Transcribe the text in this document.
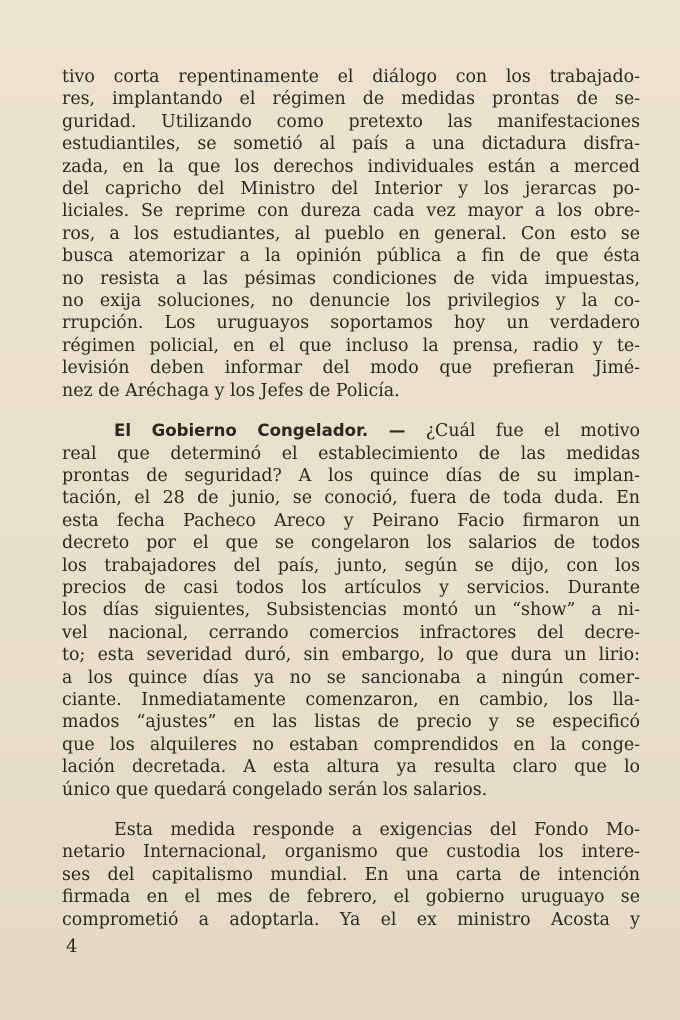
tivo corta repentinamente el diálogo con los trabajado-
res, implantando el régimen de medidas prontas de se-
guridad. Utilizando como pretexto las manifestaciones
estudiantiles, se sometió al país a una dictadura disfra-
zada, en la que los derechos individuales están a merced
del capricho del Ministro del Interior y los jerarcas po-
liciales. Se reprime con dureza cada vez mayor a los obre-
ros, a los estudiantes, al pueblo en general. Con esto se
busca atemorizar a la opinión pública a fin de que ésta
no resista a las pésimas condiciones de vida impuestas,
no exija soluciones, no denuncie los privilegios y la co-
rrupción. Los uruguayos soportamos hoy un verdadero
régimen policial, en el que incluso la prensa, radio y te-
levisión deben informar del modo que prefieran Jimé-
nez de Aréchaga y los Jefes de Policía.
El Gobierno Congelador. — ¿Cuál fue el motivo
real que determinó el establecimiento de las medidas
prontas de seguridad? A los quince días de su implan-
tación, el 28 de junio, se conoció, fuera de toda duda. En
esta fecha Pacheco Areco y Peirano Facio firmaron un
decreto por el que se congelaron los salarios de todos
los trabajadores del país, junto, según se dijo, con los
precios de casi todos los artículos y servicios. Durante
los días siguientes, Subsistencias montó un “show” a ni-
vel nacional, cerrando comercios infractores del decre-
to; esta severidad duró, sin embargo, lo que dura un lirio:
a los quince días ya no se sancionaba a ningún comer-
ciante. Inmediatamente comenzaron, en cambio, los lla-
mados “ajustes” en las listas de precio y se especificó
que los alquileres no estaban comprendidos en la conge-
lación decretada. A esta altura ya resulta claro que lo
único que quedará congelado serán los salarios.
Esta medida responde a exigencias del Fondo Mo-
netario Internacional, organismo que custodia los intere-
ses del capitalismo mundial. En una carta de intención
firmada en el mes de febrero, el gobierno uruguayo se
comprometió a adoptarla. Ya el ex ministro Acosta y
4
